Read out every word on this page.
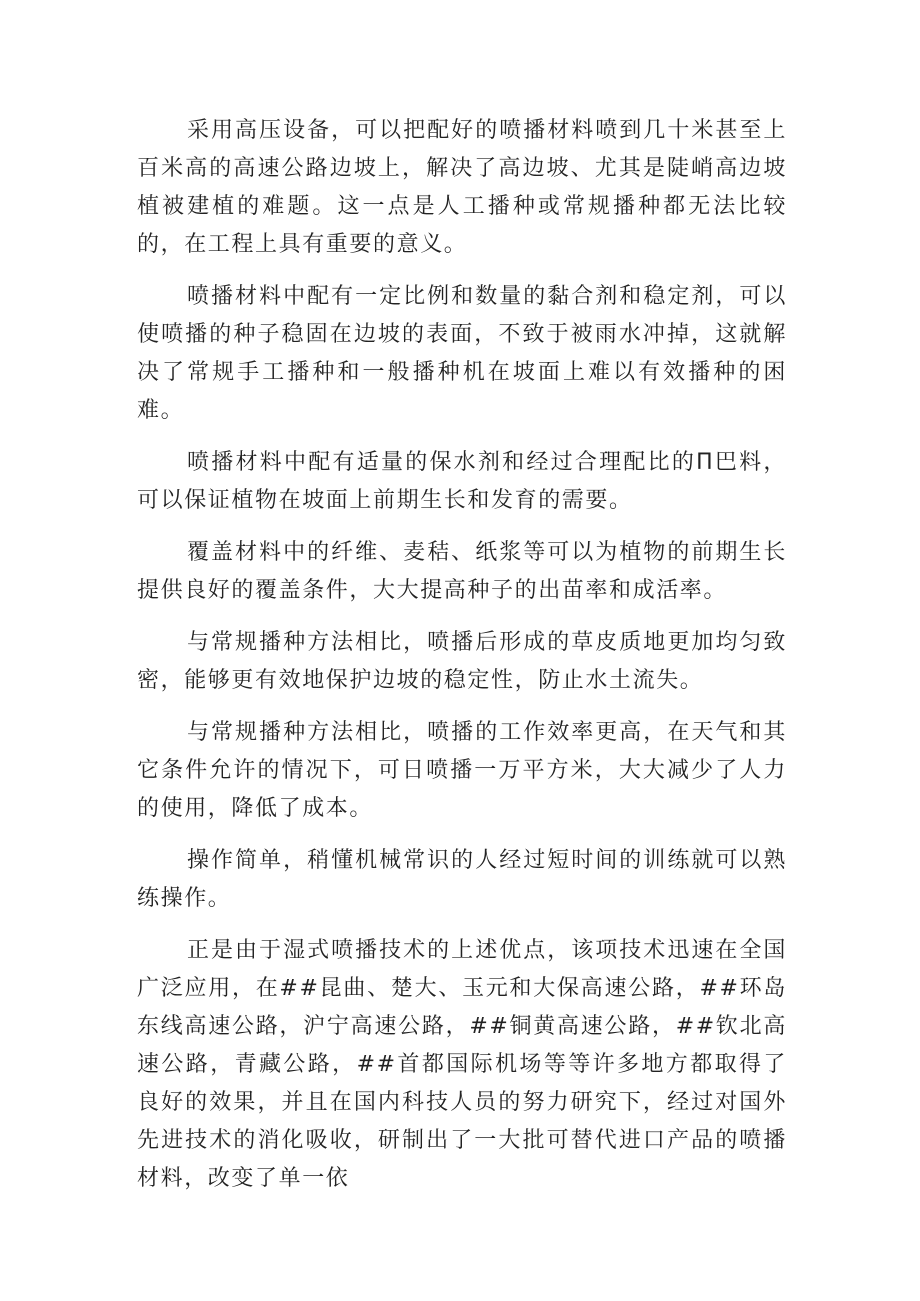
采用高压设备，可以把配好的喷播材料喷到几十米甚至上百米高的高速公路边坡上，解决了高边坡、尤其是陡峭高边坡植被建植的难题。这一点是人工播种或常规播种都无法比较的，在工程上具有重要的意义。

喷播材料中配有一定比例和数量的黏合剂和稳定剂，可以使喷播的种子稳固在边坡的表面，不致于被雨水冲掉，这就解决了常规手工播种和一般播种机在坡面上难以有效播种的困难。

喷播材料中配有适量的保水剂和经过合理配比的Π巴料，可以保证植物在坡面上前期生长和发育的需要。

覆盖材料中的纤维、麦秸、纸浆等可以为植物的前期生长提供良好的覆盖条件，大大提高种子的出苗率和成活率。

与常规播种方法相比，喷播后形成的草皮质地更加均匀致密，能够更有效地保护边坡的稳定性，防止水土流失。

与常规播种方法相比，喷播的工作效率更高，在天气和其它条件允许的情况下，可日喷播一万平方米，大大减少了人力的使用，降低了成本。

操作简单，稍懂机械常识的人经过短时间的训练就可以熟练操作。

正是由于湿式喷播技术的上述优点，该项技术迅速在全国广泛应用，在##昆曲、楚大、玉元和大保高速公路，##环岛东线高速公路，沪宁高速公路，##铜黄高速公路，##钦北高速公路，青藏公路，##首都国际机场等等许多地方都取得了良好的效果，并且在国内科技人员的努力研究下，经过对国外先进技术的消化吸收，研制出了一大批可替代进口产品的喷播材料，改变了单一依
